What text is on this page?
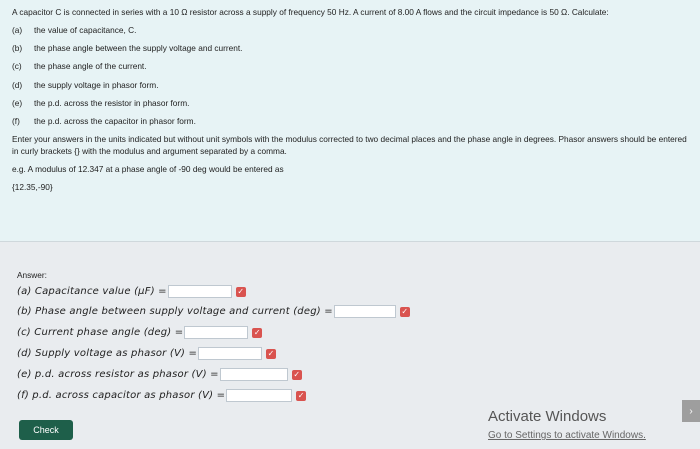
A capacitor C is connected in series with a 10 Ω resistor across a supply of frequency 50 Hz. A current of 8.00 A flows and the circuit impedance is 50 Ω. Calculate:

(a)	the value of capacitance, C.
(b)	the phase angle between the supply voltage and current.
(c)	the phase angle of the current.
(d)	the supply voltage in phasor form.
(e)	the p.d. across the resistor in phasor form.
(f)	the p.d. across the capacitor in phasor form.

Enter your answers in the units indicated but without unit symbols with the modulus corrected to two decimal places and the phase angle in degrees. Phasor answers should be entered in curly brackets {} with the modulus and argument separated by a comma.

e.g. A modulus of 12.347 at a phase angle of -90 deg would be entered as

{12.35,-90}

Answer:
(a) Capacitance value (μF) =	✓
(b) Phase angle between supply voltage and current (deg) =	✓
(c) Current phase angle (deg) =	✓
(d) Supply voltage as phasor (V) =	✓
(e) p.d. across resistor as phasor (V) =	✓
(f) p.d. across capacitor as phasor (V) =	✓
Check
Activate Windows
Go to Settings to activate Windows.
›
